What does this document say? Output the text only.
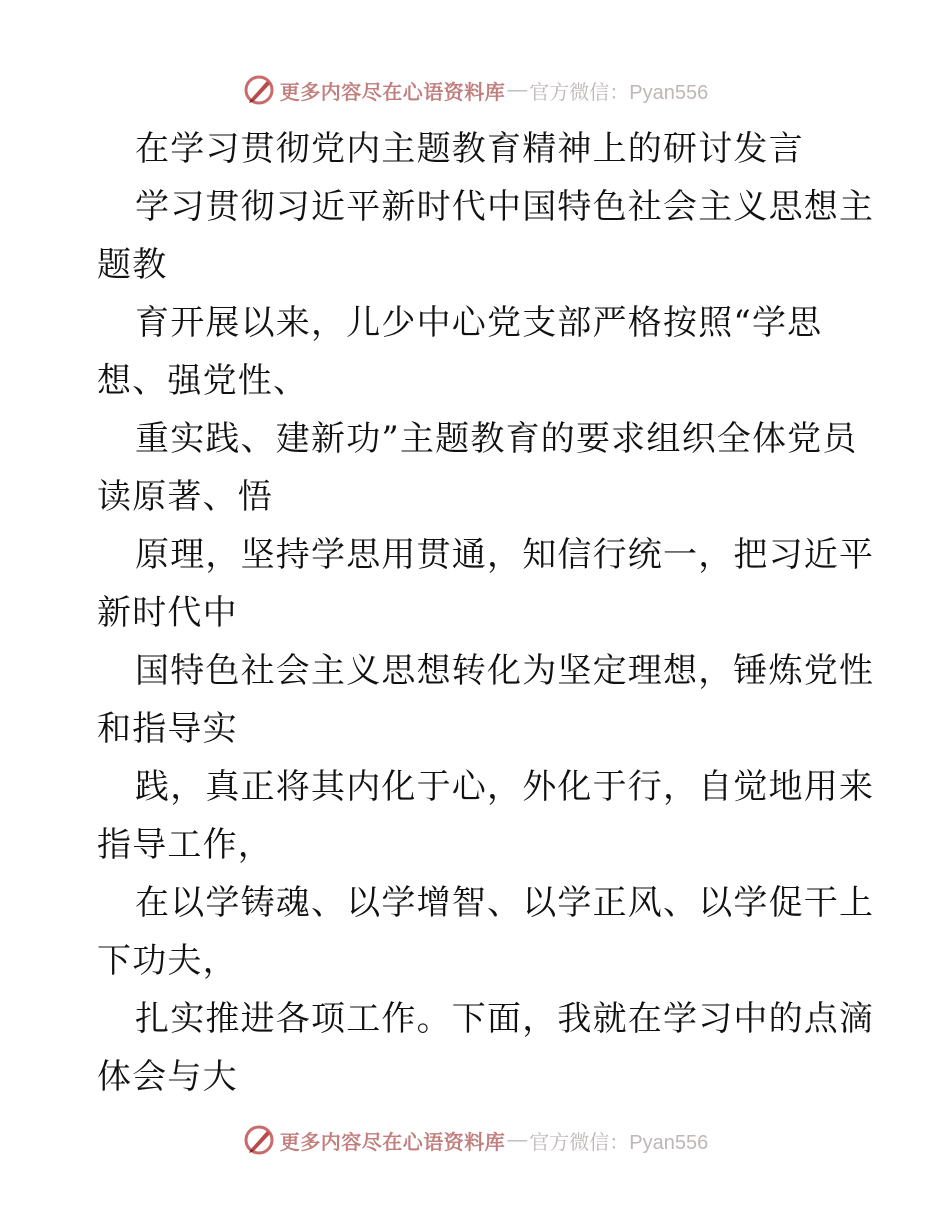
更多内容尽在心语资料库 — 官方微信：Pyan556
在学习贯彻党内主题教育精神上的研讨发言
学习贯彻习近平新时代中国特色社会主义思想主
题教
育开展以来，儿少中心党支部严格按照“学思
想、强党性、
重实践、建新功”主题教育的要求组织全体党员
读原著、悟
原理，坚持学思用贯通，知信行统一，把习近平
新时代中
国特色社会主义思想转化为坚定理想，锤炼党性
和指导实
践，真正将其内化于心，外化于行，自觉地用来
指导工作，
在以学铸魂、以学增智、以学正风、以学促干上
下功夫，
扎实推进各项工作。下面，我就在学习中的点滴
体会与大
更多内容尽在心语资料库 — 官方微信：Pyan556
